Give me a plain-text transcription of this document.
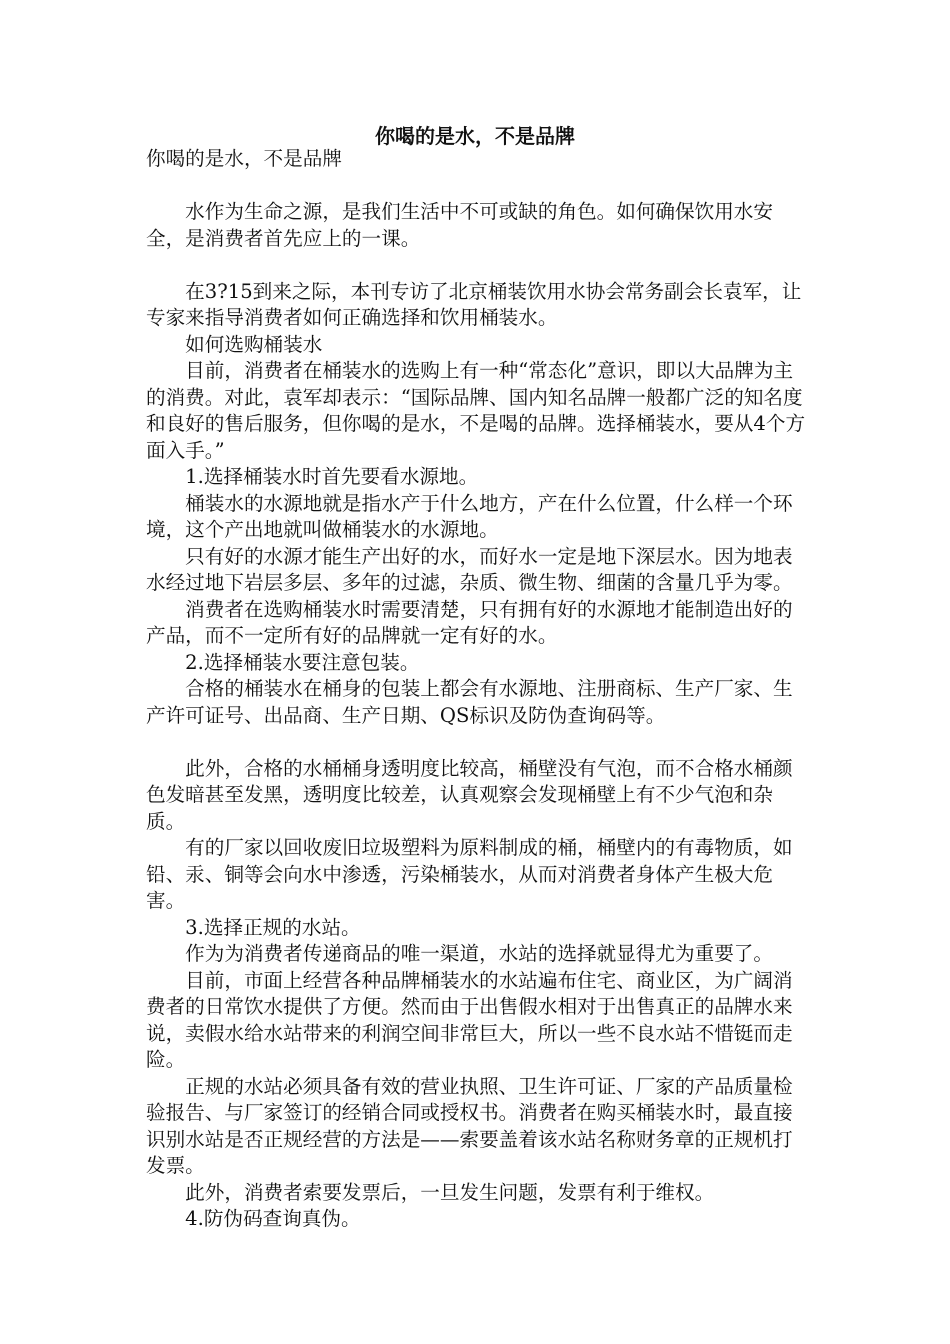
你喝的是水，不是品牌

你喝的是水，不是品牌

　　水作为生命之源，是我们生活中不可或缺的角色。如何确保饮用水安全，是消费者首先应上的一课。

　　在3?15到来之际，本刊专访了北京桶装饮用水协会常务副会长袁军，让专家来指导消费者如何正确选择和饮用桶装水。

　　如何选购桶装水

　　目前，消费者在桶装水的选购上有一种“常态化”意识，即以大品牌为主的消费。对此，袁军却表示：“国际品牌、国内知名品牌一般都广泛的知名度和良好的售后服务，但你喝的是水，不是喝的品牌。选择桶装水，要从4个方面入手。”

　　1.选择桶装水时首先要看水源地。

　　桶装水的水源地就是指水产于什么地方，产在什么位置，什么样一个环境，这个产出地就叫做桶装水的水源地。

　　只有好的水源才能生产出好的水，而好水一定是地下深层水。因为地表水经过地下岩层多层、多年的过滤，杂质、微生物、细菌的含量几乎为零。

　　消费者在选购桶装水时需要清楚，只有拥有好的水源地才能制造出好的产品，而不一定所有好的品牌就一定有好的水。

　　2.选择桶装水要注意包装。

　　合格的桶装水在桶身的包装上都会有水源地、注册商标、生产厂家、生产许可证号、出品商、生产日期、QS标识及防伪查询码等。

　　此外，合格的水桶桶身透明度比较高，桶壁没有气泡，而不合格水桶颜色发暗甚至发黑，透明度比较差，认真观察会发现桶壁上有不少气泡和杂质。

　　有的厂家以回收废旧垃圾塑料为原料制成的桶，桶壁内的有毒物质，如铅、汞、铜等会向水中渗透，污染桶装水，从而对消费者身体产生极大危害。

　　3.选择正规的水站。

　　作为为消费者传递商品的唯一渠道，水站的选择就显得尤为重要了。

　　目前，市面上经营各种品牌桶装水的水站遍布住宅、商业区，为广阔消费者的日常饮水提供了方便。然而由于出售假水相对于出售真正的品牌水来说，卖假水给水站带来的利润空间非常巨大，所以一些不良水站不惜铤而走险。

　　正规的水站必须具备有效的营业执照、卫生许可证、厂家的产品质量检验报告、与厂家签订的经销合同或授权书。消费者在购买桶装水时，最直接识别水站是否正规经营的方法是——索要盖着该水站名称财务章的正规机打发票。

　　此外，消费者索要发票后，一旦发生问题，发票有利于维权。

　　4.防伪码查询真伪。
